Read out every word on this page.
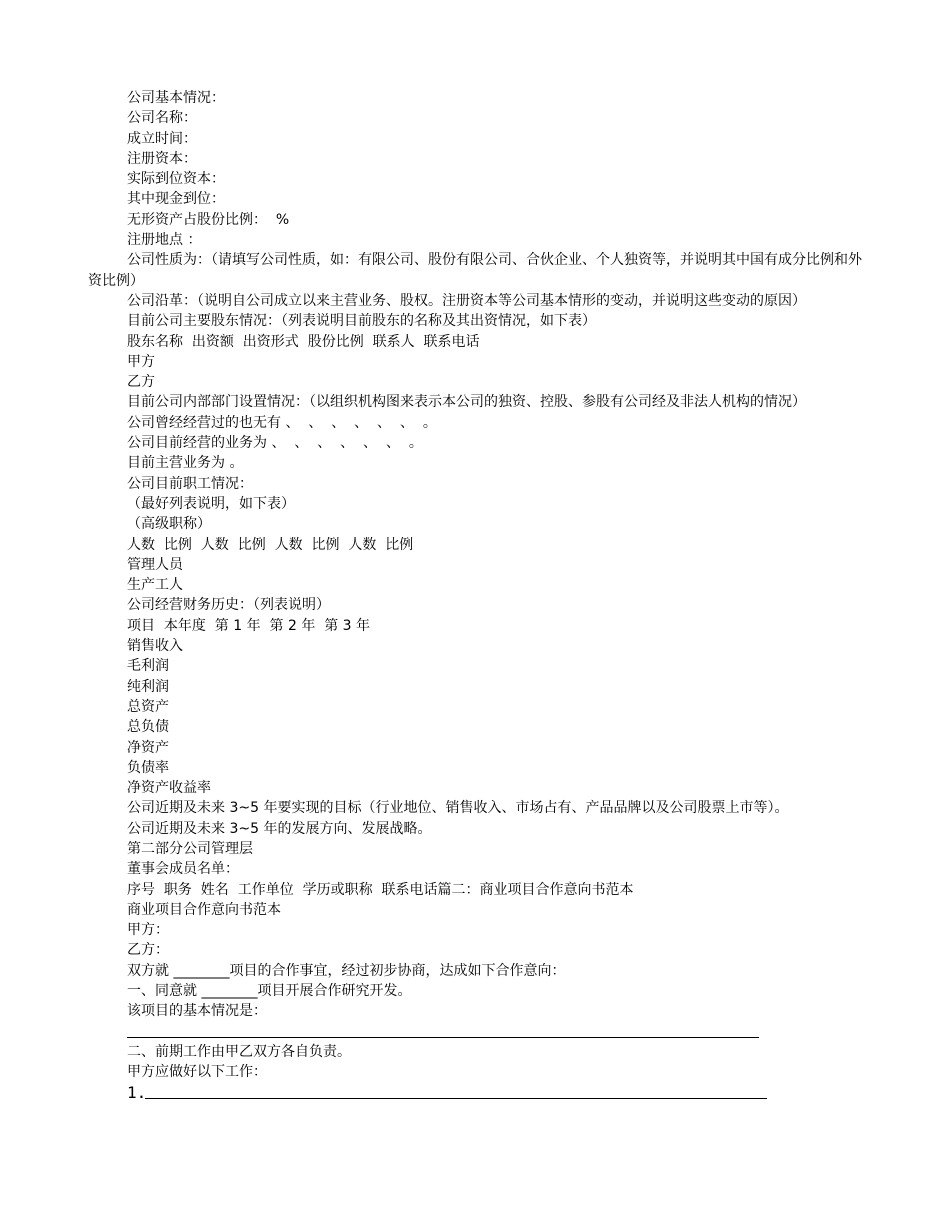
公司基本情况：

公司名称：

成立时间：

注册资本：

实际到位资本：

其中现金到位：

无形资产占股份比例：  %

注册地点 ：

公司性质为：（请填写公司性质，如：有限公司、股份有限公司、合伙企业、个人独资等，并说明其中国有成分比例和外资比例）

公司沿革：（说明自公司成立以来主营业务、股权。注册资本等公司基本情形的变动，并说明这些变动的原因）

目前公司主要股东情况：（列表说明目前股东的名称及其出资情况，如下表）

股东名称  出资额  出资形式  股份比例  联系人  联系电话

甲方

乙方

目前公司内部部门设置情况：（以组织机构图来表示本公司的独资、控股、参股有公司经及非法人机构的情况）

公司曾经经营过的也无有 、  、  、  、  、  、  。

公司目前经营的业务为 、  、  、  、  、  、  。

目前主营业务为 。

公司目前职工情况：

（最好列表说明，如下表）

（高级职称）

人数  比例  人数  比例  人数  比例  人数  比例

管理人员

生产工人

公司经营财务历史：（列表说明）

项目  本年度  第 1 年  第 2 年  第 3 年

销售收入

毛利润

纯利润

总资产

总负债

净资产

负债率

净资产收益率

公司近期及未来 3~5 年要实现的目标（行业地位、销售收入、市场占有、产品品牌以及公司股票上市等）。

公司近期及未来 3~5 年的发展方向、发展战略。

第二部分公司管理层

董事会成员名单：

序号  职务  姓名  工作单位  学历或职称  联系电话篇二：商业项目合作意向书范本

商业项目合作意向书范本

甲方：

乙方：

双方就 ________项目的合作事宜，经过初步协商，达成如下合作意向：

一、同意就 ________项目开展合作研究开发。

该项目的基本情况是：

二、前期工作由甲乙双方各自负责。

甲方应做好以下工作：

1.
